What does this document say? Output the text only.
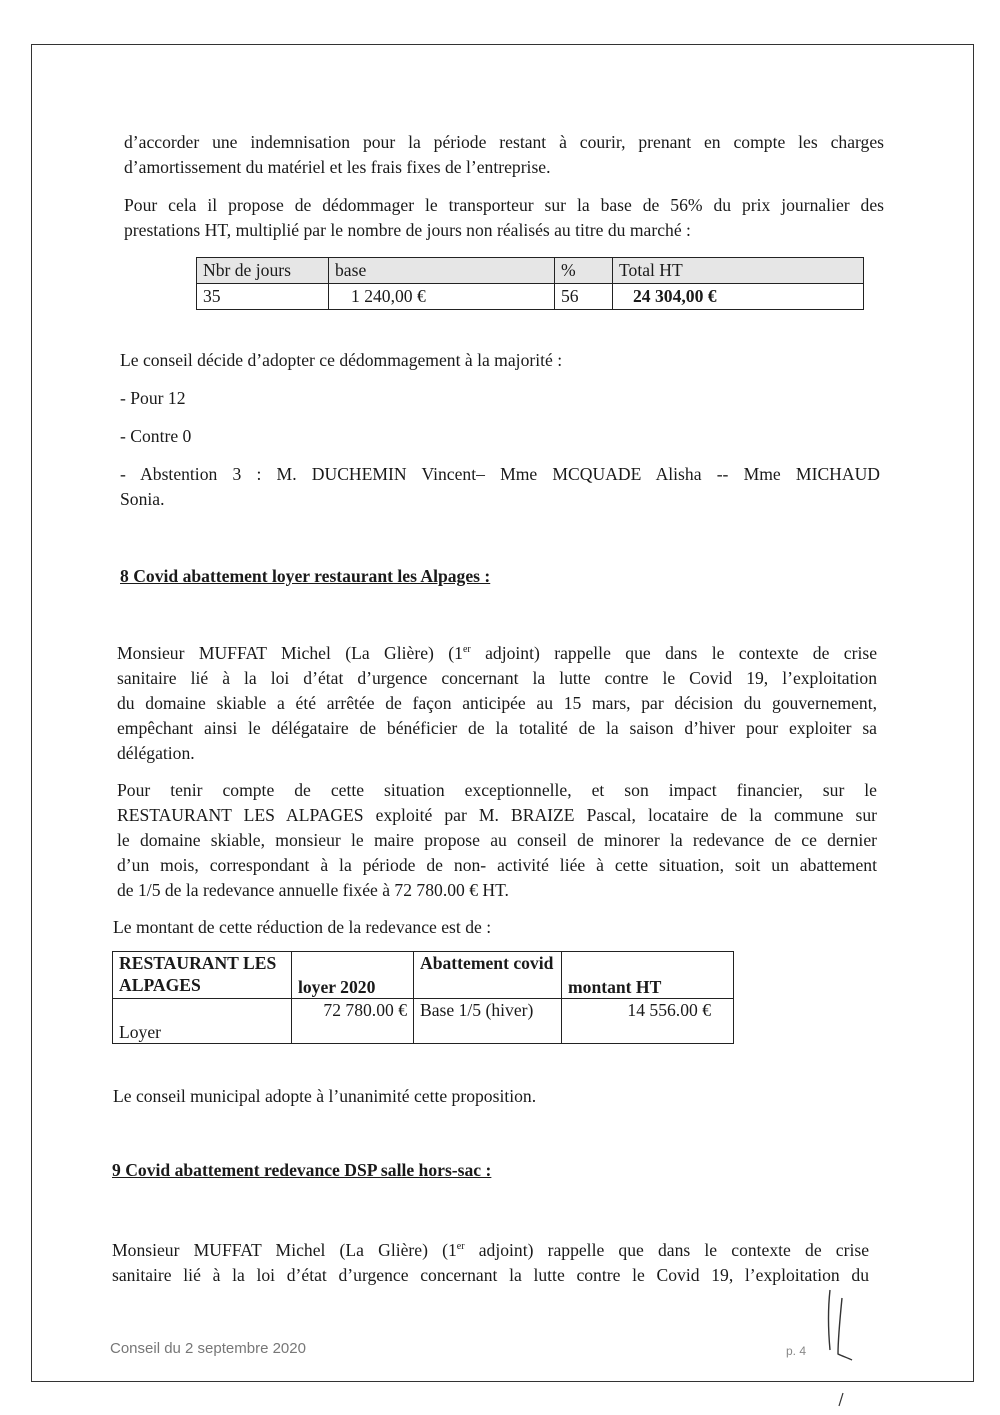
d’accorder une indemnisation pour la période restant à courir, prenant en compte les charges
d’amortissement du matériel et les frais fixes de l’entreprise.
Pour cela il propose de dédommager le transporteur sur la base de 56% du prix journalier des
prestations HT, multiplié par le nombre de jours non réalisés au titre du marché :
Nbr de jours	base	%	Total HT
35	1 240,00 €	56	24 304,00 €
Le conseil décide d’adopter ce dédommagement à la majorité :
- Pour 12
- Contre 0
- Abstention 3 : M. DUCHEMIN Vincent– Mme MCQUADE Alisha -- Mme MICHAUD
Sonia.
8 Covid abattement loyer restaurant les Alpages :
Monsieur MUFFAT Michel (La Glière) (1er adjoint) rappelle que dans le contexte de crise
sanitaire lié à la loi d’état d’urgence concernant la lutte contre le Covid 19, l’exploitation
du domaine skiable a été arrêtée de façon anticipée au 15 mars, par décision du gouvernement,
empêchant ainsi le délégataire de bénéficier de la totalité de la saison d’hiver pour exploiter sa
délégation.
Pour tenir compte de cette situation exceptionnelle, et son impact financier, sur le
RESTAURANT LES ALPAGES exploité par M. BRAIZE Pascal, locataire de la commune sur
le domaine skiable, monsieur le maire propose au conseil de minorer la redevance de ce dernier
d’un mois, correspondant à la période de non- activité liée à cette situation, soit un abattement
de 1/5 de la redevance annuelle fixée à 72 780.00 € HT.
Le montant de cette réduction de la redevance est de :
RESTAURANT LES ALPAGES	loyer 2020	Abattement covid	montant HT
Loyer	72 780.00 €	Base 1/5 (hiver)	14 556.00 €
Le conseil municipal adopte à l’unanimité cette proposition.
9 Covid abattement redevance DSP salle hors-sac :
Monsieur MUFFAT Michel (La Glière) (1er adjoint) rappelle que dans le contexte de crise
sanitaire lié à la loi d’état d’urgence concernant la lutte contre le Covid 19, l’exploitation du
Conseil du 2 septembre 2020	p. 4
